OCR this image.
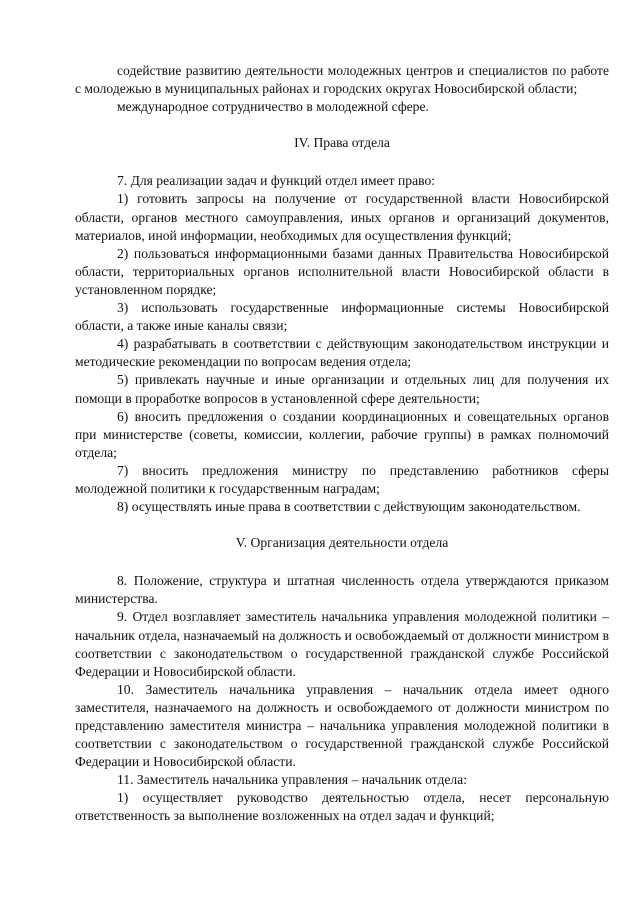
содействие развитию деятельности молодежных центров и специалистов по работе с молодежью в муниципальных районах и городских округах Новосибирской области;

международное сотрудничество в молодежной сфере.

IV. Права отдела

7. Для реализации задач и функций отдел имеет право:

1) готовить запросы на получение от государственной власти Новосибирской области, органов местного самоуправления, иных органов и организаций документов, материалов, иной информации, необходимых для осуществления функций;

2) пользоваться информационными базами данных Правительства Новосибирской области, территориальных органов исполнительной власти Новосибирской области в установленном порядке;

3) использовать государственные информационные системы Новосибирской области, а также иные каналы связи;

4) разрабатывать в соответствии с действующим законодательством инструкции и методические рекомендации по вопросам ведения отдела;

5) привлекать научные и иные организации и отдельных лиц для получения их помощи в проработке вопросов в установленной сфере деятельности;

6) вносить предложения о создании координационных и совещательных органов при министерстве (советы, комиссии, коллегии, рабочие группы) в рамках полномочий отдела;

7) вносить предложения министру по представлению работников сферы молодежной политики к государственным наградам;

8) осуществлять иные права в соответствии с действующим законодательством.

V. Организация деятельности отдела

8. Положение, структура и штатная численность отдела утверждаются приказом министерства.

9. Отдел возглавляет заместитель начальника управления молодежной политики – начальник отдела, назначаемый на должность и освобождаемый от должности министром в соответствии с законодательством о государственной гражданской службе Российской Федерации и Новосибирской области.

10. Заместитель начальника управления – начальник отдела имеет одного заместителя, назначаемого на должность и освобождаемого от должности министром по представлению заместителя министра – начальника управления молодежной политики в соответствии с законодательством о государственной гражданской службе Российской Федерации и Новосибирской области.

11. Заместитель начальника управления – начальник отдела:

1) осуществляет руководство деятельностью отдела, несет персональную ответственность за выполнение возложенных на отдел задач и функций;
